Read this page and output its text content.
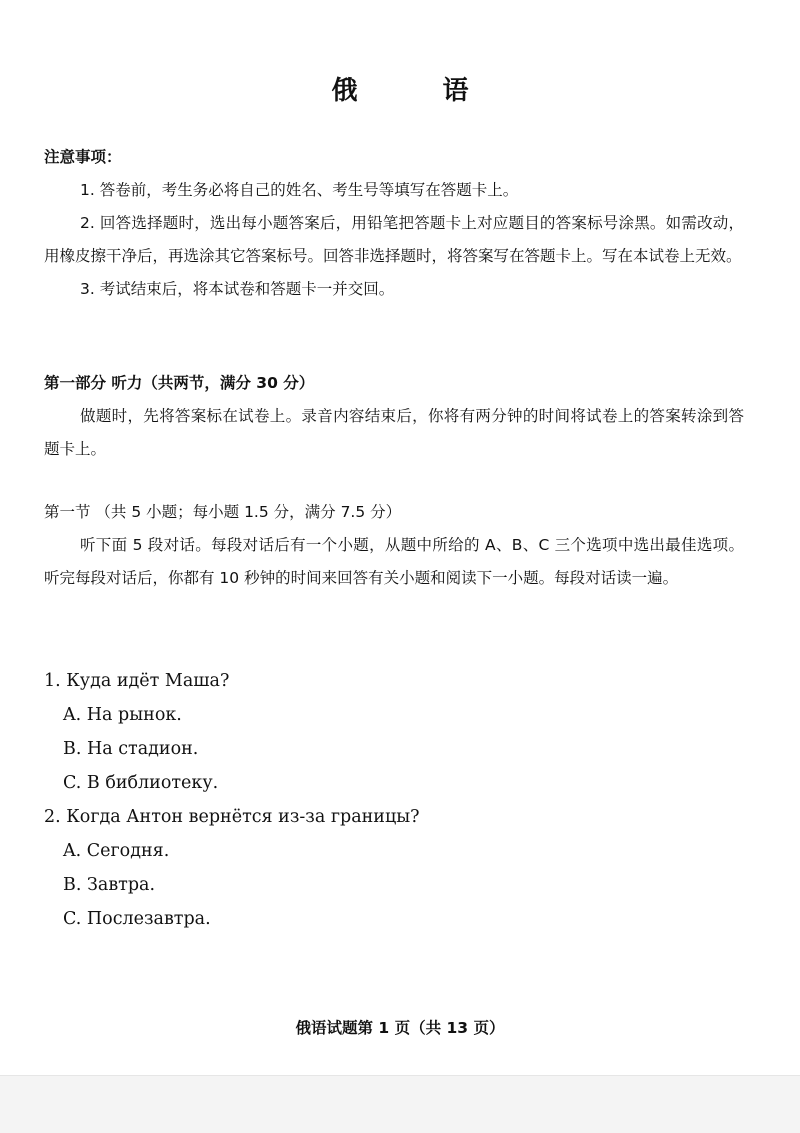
俄 语
注意事项：

1. 答卷前，考生务必将自己的姓名、考生号等填写在答题卡上。

2. 回答选择题时，选出每小题答案后，用铅笔把答题卡上对应题目的答案标号涂黑。如需改动，用橡皮擦干净后，再选涂其它答案标号。回答非选择题时，将答案写在答题卡上。写在本试卷上无效。

3. 考试结束后，将本试卷和答题卡一并交回。

第一部分 听力（共两节，满分 30 分）

做题时，先将答案标在试卷上。录音内容结束后，你将有两分钟的时间将试卷上的答案转涂到答题卡上。

第一节 （共 5 小题；每小题 1.5 分，满分 7.5 分）

听下面 5 段对话。每段对话后有一个小题，从题中所给的 A、B、C 三个选项中选出最佳选项。听完每段对话后，你都有 10 秒钟的时间来回答有关小题和阅读下一小题。每段对话读一遍。

1. Куда идёт Маша?

A. На рынок.

B. На стадион.

C. В библиотеку.

2. Когда Антон вернётся из-за границы?

A. Сегодня.

B. Завтра.

C. Послезавтра.

俄语试题第 1 页（共 13 页）
